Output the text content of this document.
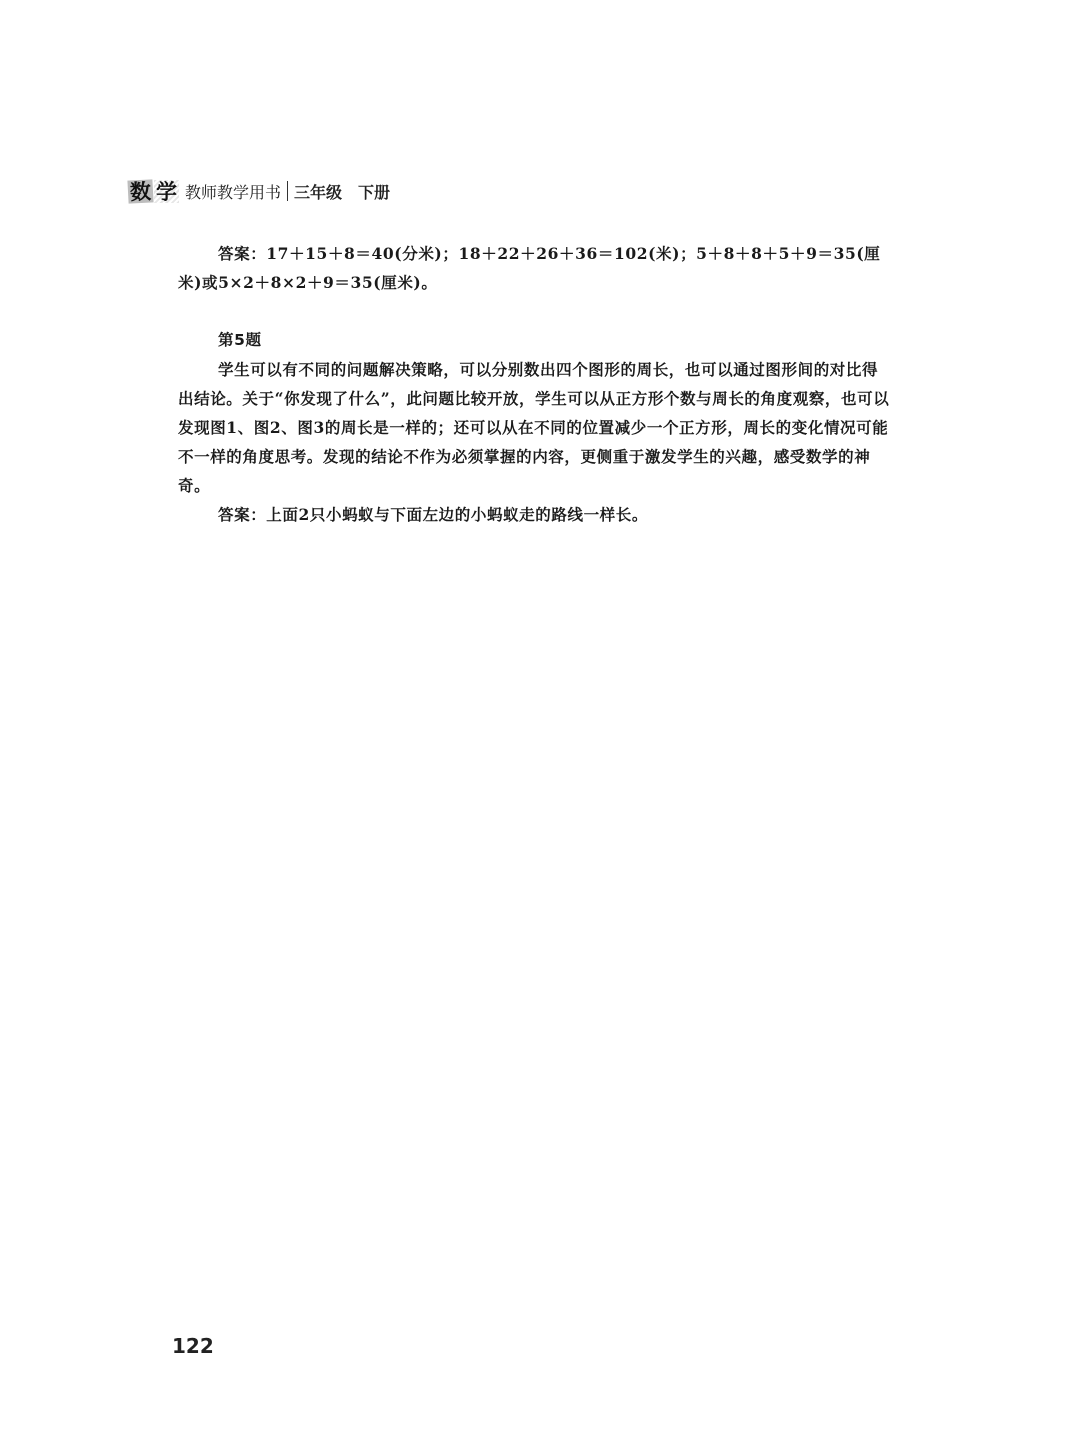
数 学 教师教学用书 三年级 下册

答案：17＋15＋8＝40(分米)；18＋22＋26＋36＝102(米)；5＋8＋8＋5＋9＝35(厘米)或5×2＋8×2＋9＝35(厘米)。

第5题

学生可以有不同的问题解决策略，可以分别数出四个图形的周长，也可以通过图形间的对比得出结论。关于“你发现了什么”，此问题比较开放，学生可以从正方形个数与周长的角度观察，也可以发现图1、图2、图3的周长是一样的；还可以从在不同的位置减少一个正方形，周长的变化情况可能不一样的角度思考。发现的结论不作为必须掌握的内容，更侧重于激发学生的兴趣，感受数学的神奇。

答案：上面2只小蚂蚁与下面左边的小蚂蚁走的路线一样长。

122
